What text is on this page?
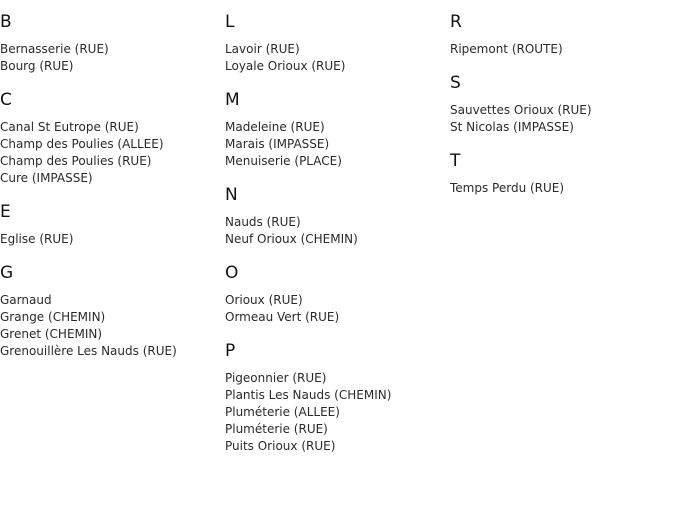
B
Bernasserie (RUE)
Bourg (RUE)
C
Canal St Eutrope (RUE)
Champ des Poulies (ALLEE)
Champ des Poulies (RUE)
Cure (IMPASSE)
E
Eglise (RUE)
G
Garnaud
Grange (CHEMIN)
Grenet (CHEMIN)
Grenouillère Les Nauds (RUE)
L
Lavoir (RUE)
Loyale Orioux (RUE)
M
Madeleine (RUE)
Marais (IMPASSE)
Menuiserie (PLACE)
N
Nauds (RUE)
Neuf Orioux (CHEMIN)
O
Orioux (RUE)
Ormeau Vert (RUE)
P
Pigeonnier (RUE)
Plantis Les Nauds (CHEMIN)
Pluméterie (ALLEE)
Pluméterie (RUE)
Puits Orioux (RUE)
R
Ripemont (ROUTE)
S
Sauvettes Orioux (RUE)
St Nicolas (IMPASSE)
T
Temps Perdu (RUE)
